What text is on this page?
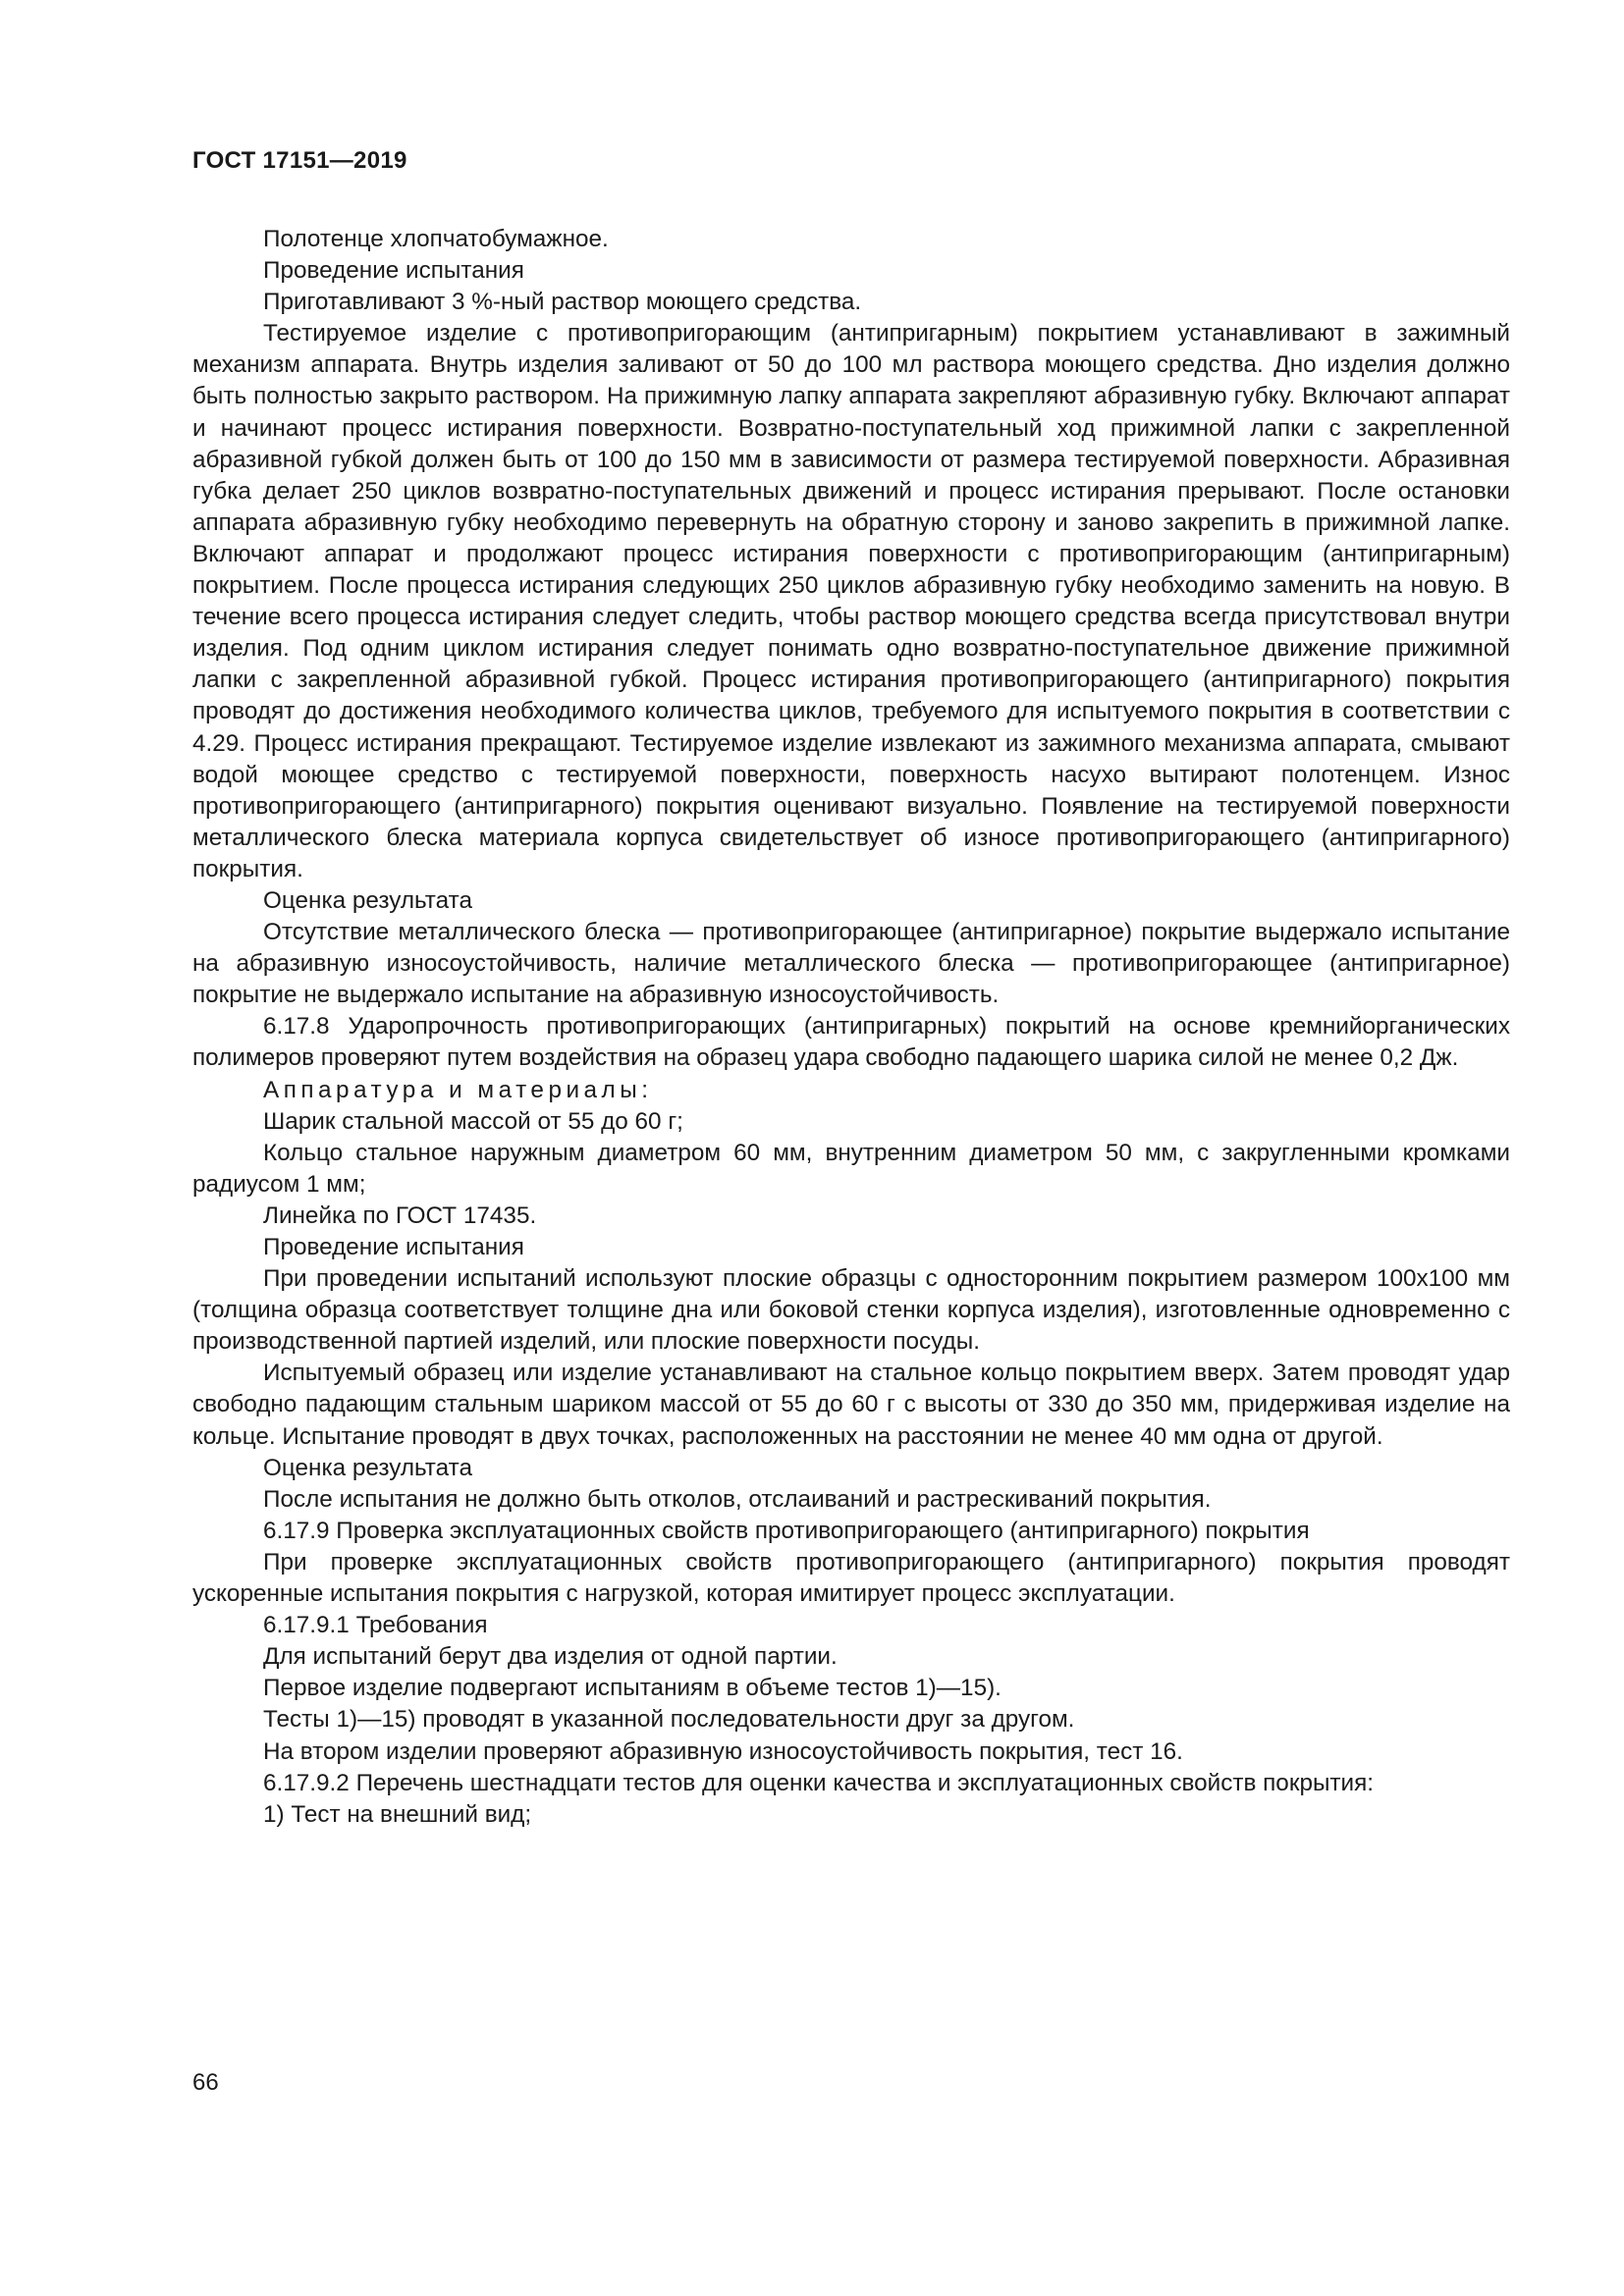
ГОСТ 17151—2019

Полотенце хлопчатобумажное.

Проведение испытания

Приготавливают 3 %-ный раствор моющего средства.

Тестируемое изделие с противопригорающим (антипригарным) покрытием устанавливают в зажимный механизм аппарата. Внутрь изделия заливают от 50 до 100 мл раствора моющего средства. Дно изделия должно быть полностью закрыто раствором. На прижимную лапку аппарата закрепляют абразивную губку. Включают аппарат и начинают процесс истирания поверхности. Возвратно-поступательный ход прижимной лапки с закрепленной абразивной губкой должен быть от 100 до 150 мм в зависимости от размера тестируемой поверхности. Абразивная губка делает 250 циклов возвратно-поступательных движений и процесс истирания прерывают. После остановки аппарата абразивную губку необходимо перевернуть на обратную сторону и заново закрепить в прижимной лапке. Включают аппарат и продолжают процесс истирания поверхности с противопригорающим (антипригарным) покрытием. После процесса истирания следующих 250 циклов абразивную губку необходимо заменить на новую. В течение всего процесса истирания следует следить, чтобы раствор моющего средства всегда присутствовал внутри изделия. Под одним циклом истирания следует понимать одно возвратно-поступательное движение прижимной лапки с закрепленной абразивной губкой. Процесс истирания противопригорающего (антипригарного) покрытия проводят до достижения необходимого количества циклов, требуемого для испытуемого покрытия в соответствии с 4.29. Процесс истирания прекращают. Тестируемое изделие извлекают из зажимного механизма аппарата, смывают водой моющее средство с тестируемой поверхности, поверхность насухо вытирают полотенцем. Износ противопригорающего (антипригарного) покрытия оценивают визуально. Появление на тестируемой поверхности металлического блеска материала корпуса свидетельствует об износе противопригорающего (антипригарного) покрытия.

Оценка результата

Отсутствие металлического блеска — противопригорающее (антипригарное) покрытие выдержало испытание на абразивную износоустойчивость, наличие металлического блеска — противопригорающее (антипригарное) покрытие не выдержало испытание на абразивную износоустойчивость.

6.17.8 Ударопрочность противопригорающих (антипригарных) покрытий на основе кремнийорганических полимеров проверяют путем воздействия на образец удара свободно падающего шарика силой не менее 0,2 Дж.

Аппаратура и материалы:

Шарик стальной массой от 55 до 60 г;

Кольцо стальное наружным диаметром 60 мм, внутренним диаметром 50 мм, с закругленными кромками радиусом 1 мм;

Линейка по ГОСТ 17435.

Проведение испытания

При проведении испытаний используют плоские образцы с односторонним покрытием размером 100х100 мм (толщина образца соответствует толщине дна или боковой стенки корпуса изделия), изготовленные одновременно с производственной партией изделий, или плоские поверхности посуды.

Испытуемый образец или изделие устанавливают на стальное кольцо покрытием вверх. Затем проводят удар свободно падающим стальным шариком массой от 55 до 60 г с высоты от 330 до 350 мм, придерживая изделие на кольце. Испытание проводят в двух точках, расположенных на расстоянии не менее 40 мм одна от другой.

Оценка результата

После испытания не должно быть отколов, отслаиваний и растрескиваний покрытия.

6.17.9 Проверка эксплуатационных свойств противопригорающего (антипригарного) покрытия

При проверке эксплуатационных свойств противопригорающего (антипригарного) покрытия проводят ускоренные испытания покрытия с нагрузкой, которая имитирует процесс эксплуатации.

6.17.9.1 Требования

Для испытаний берут два изделия от одной партии.

Первое изделие подвергают испытаниям в объеме тестов 1)—15).

Тесты 1)—15) проводят в указанной последовательности друг за другом.

На втором изделии проверяют абразивную износоустойчивость покрытия, тест 16.

6.17.9.2 Перечень шестнадцати тестов для оценки качества и эксплуатационных свойств покрытия:

1) Тест на внешний вид;

66
